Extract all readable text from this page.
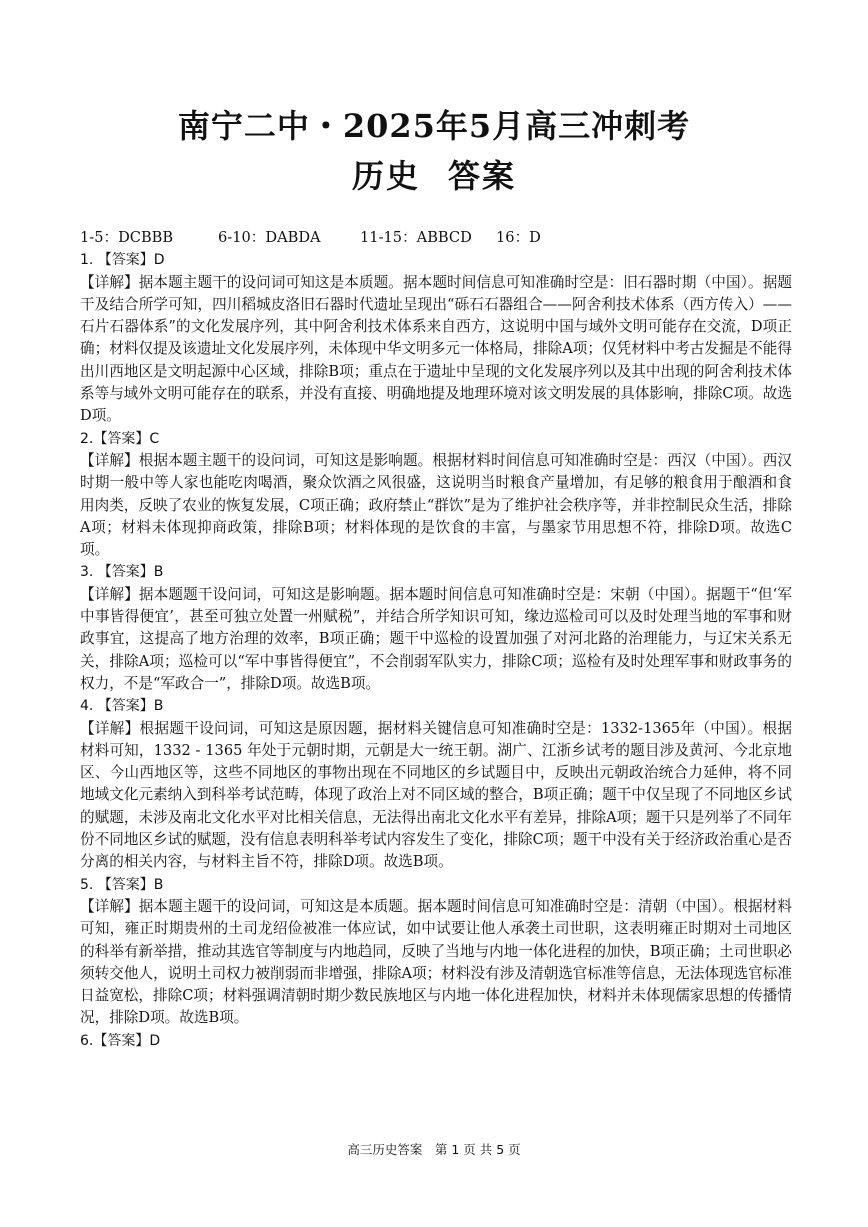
南宁二中・2025年5月高三冲刺考
历史 答案
1-5：DCBBB	6-10：DABDA	11-15：ABBCD	16：D
1. 【答案】D

【详解】据本题主题干的设问词可知这是本质题。据本题时间信息可知准确时空是：旧石器时期（中国）。据题干及结合所学可知，四川稻城皮洛旧石器时代遗址呈现出“砾石石器组合——阿舍利技术体系（西方传入）——石片石器体系”的文化发展序列，其中阿舍利技术体系来自西方，这说明中国与域外文明可能存在交流，D项正确；材料仅提及该遗址文化发展序列，未体现中华文明多元一体格局，排除A项；仅凭材料中考古发掘是不能得出川西地区是文明起源中心区域，排除B项；重点在于遗址中呈现的文化发展序列以及其中出现的阿舍利技术体系等与域外文明可能存在的联系，并没有直接、明确地提及地理环境对该文明发展的具体影响，排除C项。故选D项。

2.【答案】C

【详解】根据本题主题干的设问词，可知这是影响题。根据材料时间信息可知准确时空是：西汉（中国）。西汉时期一般中等人家也能吃肉喝酒，聚众饮酒之风很盛，这说明当时粮食产量增加，有足够的粮食用于酿酒和食用肉类，反映了农业的恢复发展，C项正确；政府禁止“群饮”是为了维护社会秩序等，并非控制民众生活，排除A项；材料未体现抑商政策，排除B项；材料体现的是饮食的丰富，与墨家节用思想不符，排除D项。故选C项。

3. 【答案】B

【详解】据本题题干设问词，可知这是影响题。据本题时间信息可知准确时空是：宋朝（中国）。据题干“但‘军中事皆得便宜’，甚至可独立处置一州赋税”，并结合所学知识可知，缘边巡检司可以及时处理当地的军事和财政事宜，这提高了地方治理的效率，B项正确；题干中巡检的设置加强了对河北路的治理能力，与辽宋关系无关，排除A项；巡检可以“军中事皆得便宜”，不会削弱军队实力，排除C项；巡检有及时处理军事和财政事务的权力，不是“军政合一”，排除D项。故选B项。

4. 【答案】B

【详解】根据题干设问词，可知这是原因题，据材料关键信息可知准确时空是：1332-1365年（中国）。根据材料可知，1332 - 1365 年处于元朝时期，元朝是大一统王朝。湖广、江浙乡试考的题目涉及黄河、今北京地区、今山西地区等，这些不同地区的事物出现在不同地区的乡试题目中，反映出元朝政治统合力延伸，将不同地域文化元素纳入到科举考试范畴，体现了政治上对不同区域的整合，B项正确；题干中仅呈现了不同地区乡试的赋题，未涉及南北文化水平对比相关信息，无法得出南北文化水平有差异，排除A项；题干只是列举了不同年份不同地区乡试的赋题，没有信息表明科举考试内容发生了变化，排除C项；题干中没有关于经济政治重心是否分离的相关内容，与材料主旨不符，排除D项。故选B项。

5. 【答案】B

【详解】据本题主题干的设问词，可知这是本质题。据本题时间信息可知准确时空是：清朝（中国）。根据材料可知，雍正时期贵州的土司龙绍俭被准一体应试，如中试要让他人承袭土司世职，这表明雍正时期对土司地区的科举有新举措，推动其选官等制度与内地趋同，反映了当地与内地一体化进程的加快，B项正确；土司世职必须转交他人，说明土司权力被削弱而非增强，排除A项；材料没有涉及清朝选官标准等信息，无法体现选官标准日益宽松，排除C项；材料强调清朝时期少数民族地区与内地一体化进程加快，材料并未体现儒家思想的传播情况，排除D项。故选B项。

6.【答案】D
高三历史答案　第 1 页 共 5 页
